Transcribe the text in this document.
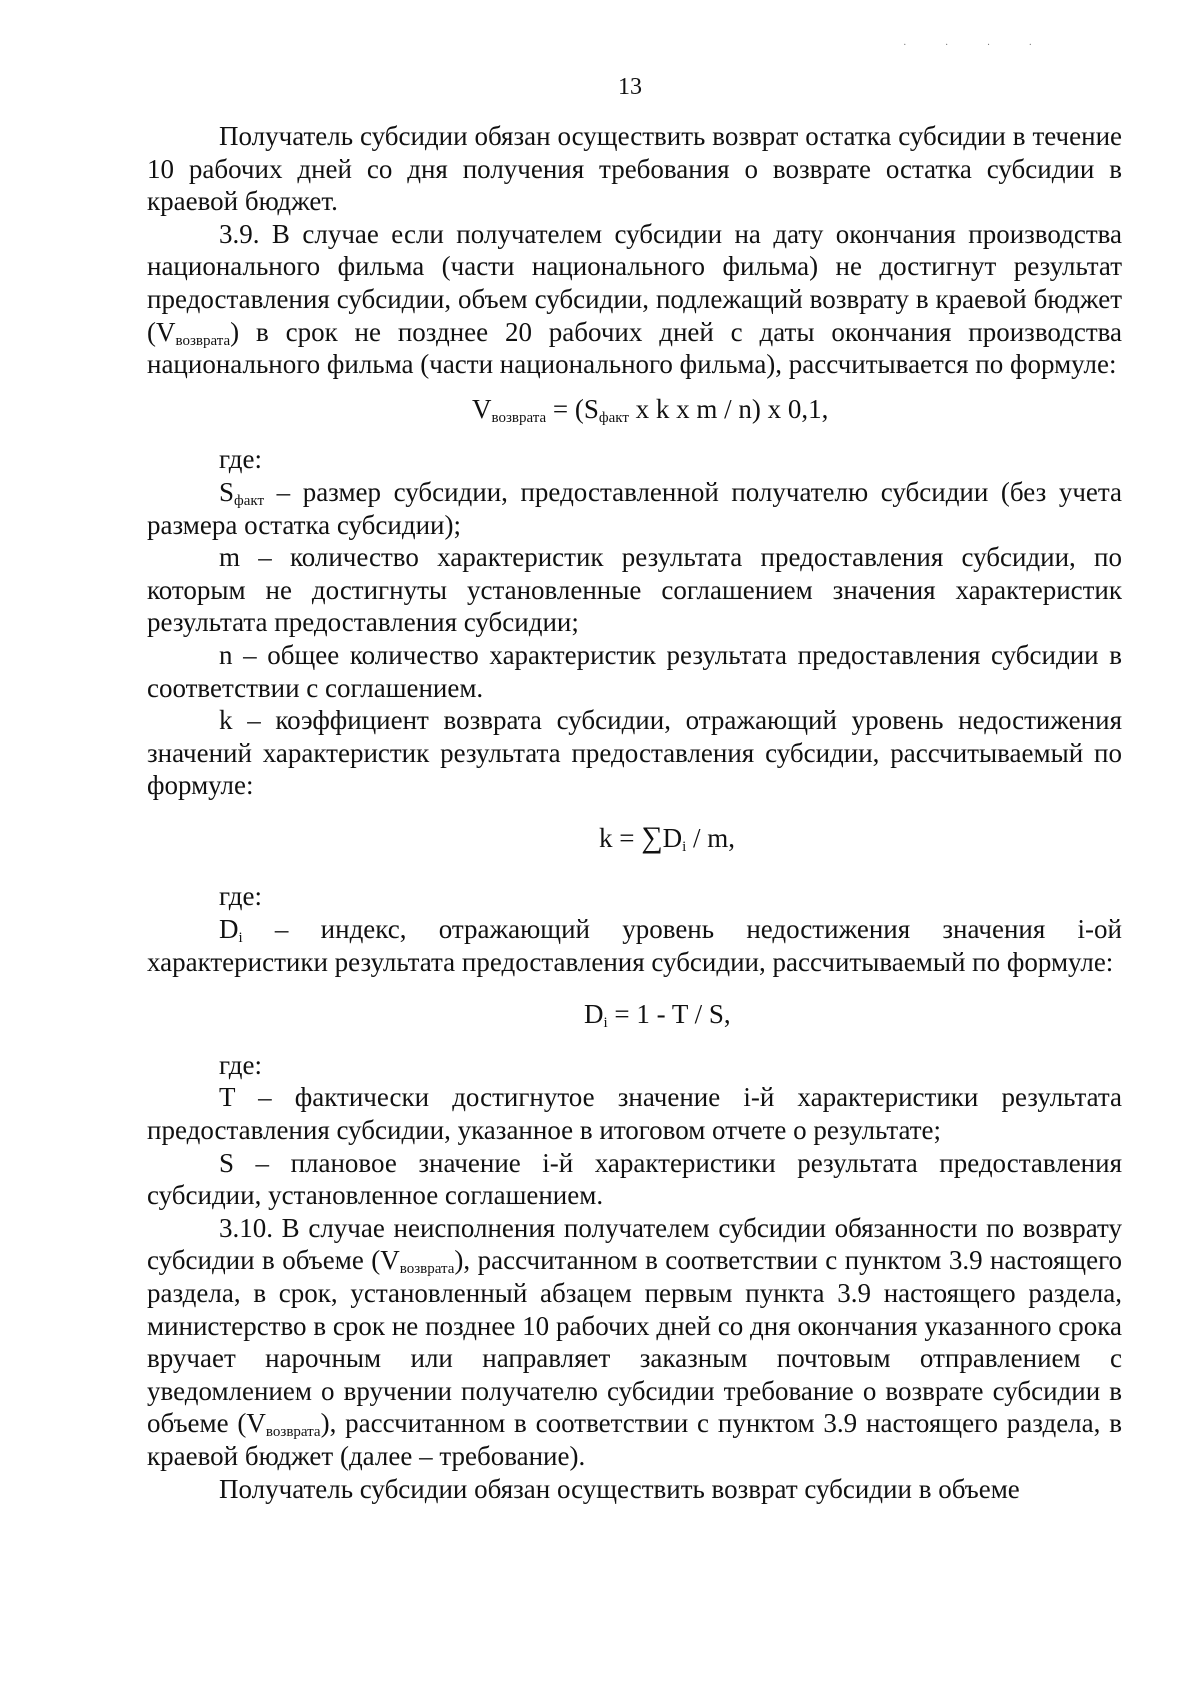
· · · ·
13

Получатель субсидии обязан осуществить возврат остатка субсидии в течение 10 рабочих дней со дня получения требования о возврате остатка субсидии в краевой бюджет.

3.9. В случае если получателем субсидии на дату окончания производства национального фильма (части национального фильма) не достигнут результат предоставления субсидии, объем субсидии, подлежащий возврату в краевой бюджет $(V_{возврата})$ в срок не позднее 20 рабочих дней с даты окончания производства национального фильма (части национального фильма), рассчитывается по формуле:

$V_{возврата} = (S_{факт}$ x k x m / n) x 0,1,

где:

$S_{факт}$ – размер субсидии, предоставленной получателю субсидии (без учета размера остатка субсидии);

m – количество характеристик результата предоставления субсидии, по которым не достигнуты установленные соглашением значения характеристик результата предоставления субсидии;

n – общее количество характеристик результата предоставления субсидии в соответствии с соглашением.

k – коэффициент возврата субсидии, отражающий уровень недостижения значений характеристик результата предоставления субсидии, рассчитываемый по формуле:

$k = \sum D_i / m$,

где:

$D_i$ – индекс, отражающий уровень недостижения значения i-ой характеристики результата предоставления субсидии, рассчитываемый по формуле:

$D_i = 1 - T / S$,

где:

T – фактически достигнутое значение i-й характеристики результата предоставления субсидии, указанное в итоговом отчете о результате;

S – плановое значение i-й характеристики результата предоставления субсидии, установленное соглашением.

3.10. В случае неисполнения получателем субсидии обязанности по возврату субсидии в объеме $(V_{возврата})$, рассчитанном в соответствии с пунктом 3.9 настоящего раздела, в срок, установленный абзацем первым пункта 3.9 настоящего раздела, министерство в срок не позднее 10 рабочих дней со дня окончания указанного срока вручает нарочным или направляет заказным почтовым отправлением с уведомлением о вручении получателю субсидии требование о возврате субсидии в объеме $(V_{возврата})$, рассчитанном в соответствии с пунктом 3.9 настоящего раздела, в краевой бюджет (далее – требование).

Получатель субсидии обязан осуществить возврат субсидии в объеме
